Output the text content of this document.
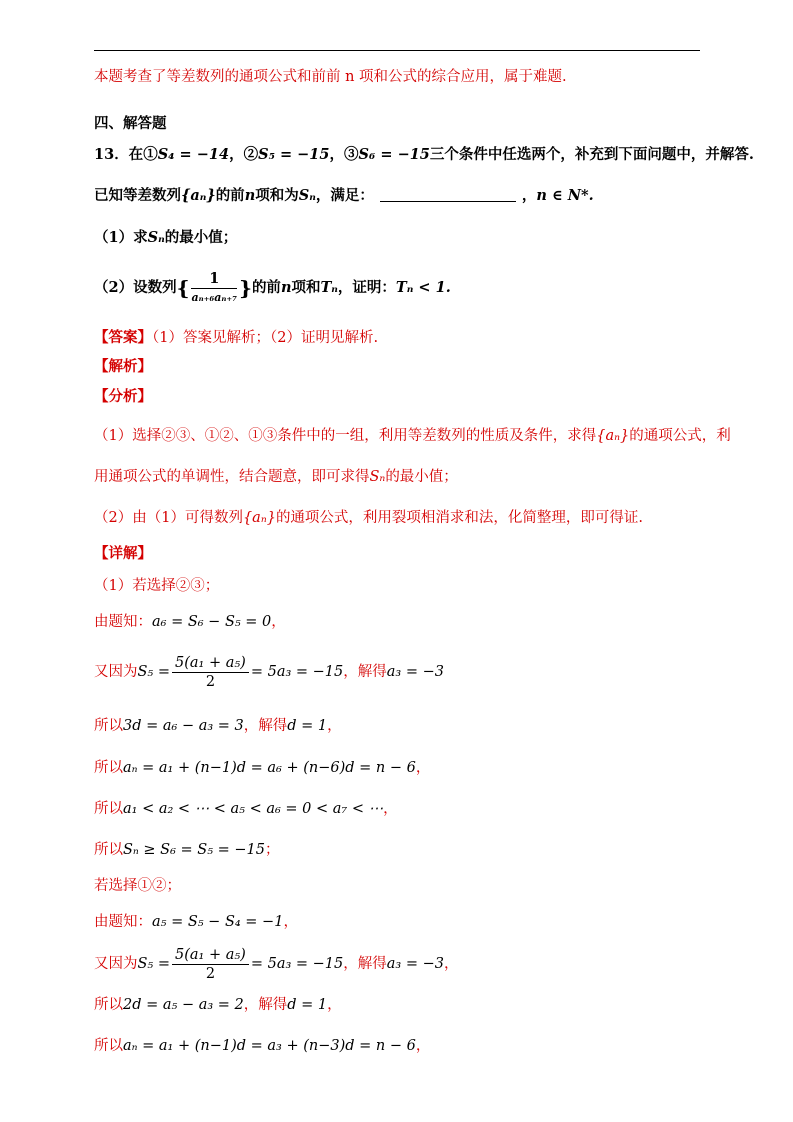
本题考查了等差数列的通项公式和前前 n 项和公式的综合应用，属于难题.
四、解答题
13．在①S₄ = −14，②S₅ = −15，③S₆ = −15三个条件中任选两个，补充到下面问题中，并解答.
已知等差数列{aₙ}的前n项和为Sₙ，满足：	，n ∈ N*.
（1）求Sₙ的最小值；
（2）设数列{ $\frac{1}{\text{aₙ₊₆aₙ₊₇}}$ }的前n项和Tₙ，证明：Tₙ < 1.
【答案】（1）答案见解析；（2）证明见解析.
【解析】
【分析】
（1）选择②③、①②、①③条件中的一组，利用等差数列的性质及条件，求得{aₙ}的通项公式，利
用通项公式的单调性，结合题意，即可求得Sₙ的最小值；
（2）由（1）可得数列{aₙ}的通项公式，利用裂项相消求和法，化简整理，即可得证.
【详解】
（1）若选择②③；
由题知：a₆ = S₆ − S₅ = 0，
又因为$S_5 = \frac{\text{5(a₁ + a₅)}}{2} = 5a_3 = -15$，解得a₃ = −3
所以3d = a₆ − a₃ = 3，解得d = 1，
所以aₙ = a₁ + (n−1)d = a₆ + (n−6)d = n − 6，
所以a₁ < a₂ < ⋯ < a₅ < a₆ = 0 < a₇ < ⋯，
所以Sₙ ≥ S₆ = S₅ = −15；
若选择①②；
由题知：a₅ = S₅ − S₄ = −1，
又因为$S_5 = \frac{\text{5(a₁ + a₅)}}{2} = 5a_3 = -15$，解得a₃ = −3，
所以2d = a₅ − a₃ = 2，解得d = 1，
所以aₙ = a₁ + (n−1)d = a₃ + (n−3)d = n − 6，
